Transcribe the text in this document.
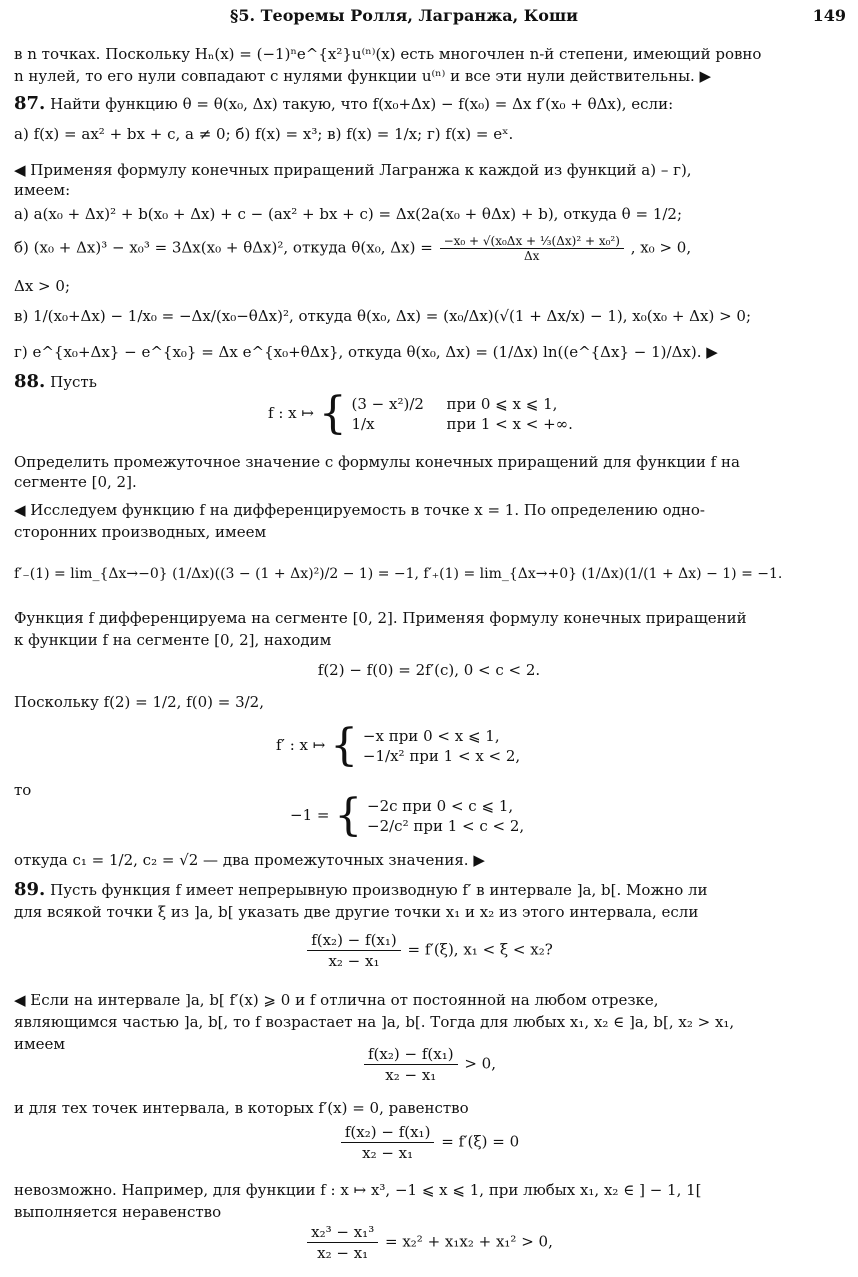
§5. Теоремы Ролля, Лагранжа, Коши	149
в n точках. Поскольку Hₙ(x) = (−1)ⁿe^{x²}u⁽ⁿ⁾(x) есть многочлен n-й степени, имеющий ровно
n нулей, то его нули совпадают с нулями функции u⁽ⁿ⁾ и все эти нули действительны. ▶
87. Найти функцию θ = θ(x₀, Δx) такую, что f(x₀+Δx) − f(x₀) = Δx f′(x₀ + θΔx), если:
а) f(x) = ax² + bx + c, a ≠ 0; б) f(x) = x³; в) f(x) = 1/x; г) f(x) = eˣ.
◀ Применяя формулу конечных приращений Лагранжа к каждой из функций а) – г),
имеем:
а) a(x₀ + Δx)² + b(x₀ + Δx) + c − (ax² + bx + c) = Δx(2a(x₀ + θΔx) + b), откуда θ = 1/2;
б) (x₀ + Δx)³ − x₀³ = 3Δx(x₀ + θΔx)², откуда θ(x₀, $\Delta x) = \frac{\text{−x₀ + √(x₀Δx + ⅓(Δx)² + x₀²)}}{\Delta x}$ , x₀ > 0,
Δx > 0;
в) 1/(x₀+Δx) − 1/x₀ = −Δx/(x₀−θΔx)², откуда θ(x₀, Δx) = (x₀/Δx)(√(1 + Δx/x) − 1), x₀(x₀ + Δx) > 0;
г) e^{x₀+Δx} − e^{x₀} = Δx e^{x₀+θΔx}, откуда θ(x₀, Δx) = (1/Δx) ln((e^{Δx} − 1)/Δx). ▶
88. Пусть
f : x ↦ { (3 − x²)/2 при 0 ⩽ x ⩽ 1,
1/x	при 1 < x < +∞.
Определить промежуточное значение c формулы конечных приращений для функции f на
сегменте [0, 2].
◀ Исследуем функцию f на дифференцируемость в точке x = 1. По определению одно-
сторонних производных, имеем
f′₋(1) = lim_{Δx→−0} (1/Δx)((3 − (1 + Δx)²)/2 − 1) = −1, f′₊(1) = lim_{Δx→+0} (1/Δx)(1/(1 + Δx) − 1) = −1.
Функция f дифференцируема на сегменте [0, 2]. Применяя формулу конечных приращений
к функции f на сегменте [0, 2], находим
f(2) − f(0) = 2f′(c), 0 < c < 2.
Поскольку f(2) = 1/2, f(0) = 3/2,
f′ : x ↦ { −x при 0 < x ⩽ 1,
−1/x² при 1 < x < 2,
то
−1 = { −2c при 0 < c ⩽ 1,
−2/c² при 1 < c < 2,
откуда c₁ = 1/2, c₂ = √2 — два промежуточных значения. ▶
89. Пусть функция f имеет непрерывную производную f′ в интервале ]a, b[. Можно ли
для всякой точки ξ из ]a, b[ указать две другие точки x₁ и x₂ из этого интервала, если
$\frac{\text{f(x₂) − f(x₁)}}{\text{x₂ − x₁}} = f'(\xi)$, x₁ < ξ < x₂?
◀ Если на интервале ]a, b[ f′(x) ⩾ 0 и f отлична от постоянной на любом отрезке,
являющимся частью ]a, b[, то f возрастает на ]a, b[. Тогда для любых x₁, x₂ ∈ ]a, b[, x₂ > x₁,
имеем	$\frac{\text{f(x₂) − f(x₁)}}{\text{x₂ − x₁}} > 0$,
и для тех точек интервала, в которых f′(x) = 0, равенство
$\frac{\text{f(x₂) − f(x₁)}}{\text{x₂ − x₁}} = f'(\xi) = 0$
невозможно. Например, для функции f : x ↦ x³, −1 ⩽ x ⩽ 1, при любых x₁, x₂ ∈ ] − 1, 1[
выполняется неравенство
$\frac{\text{x₂³ − x₁³}}{\text{x₂ − x₁}} = x_2^2 + x_1x_2 + x_1^2 > 0$,
